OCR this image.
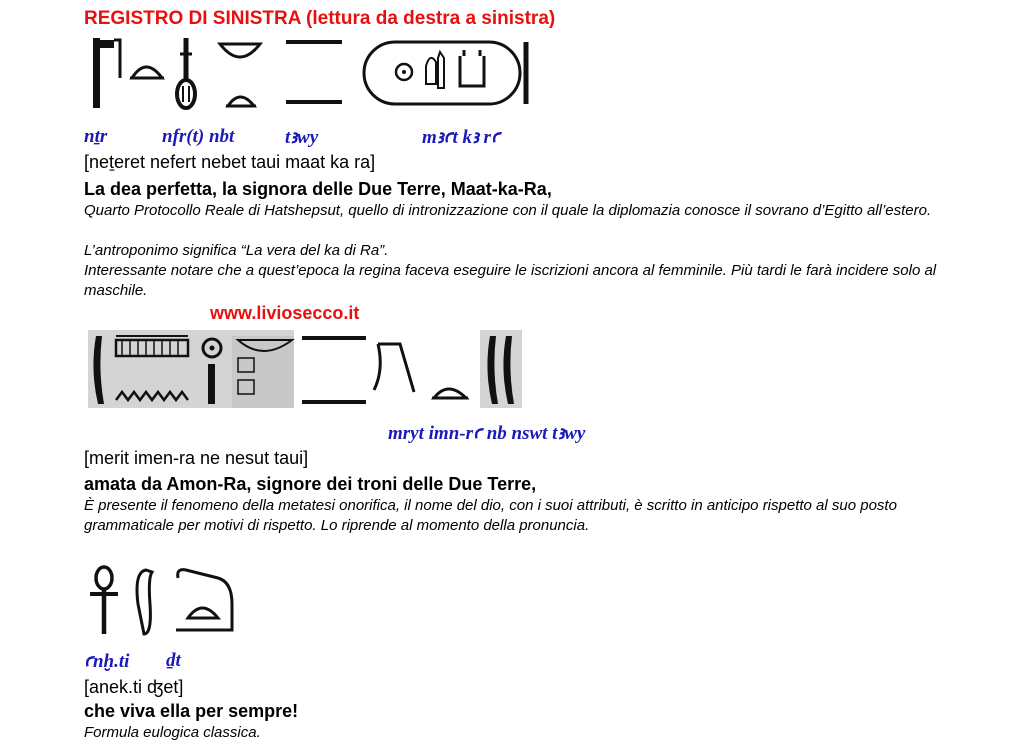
REGISTRO DI SINISTRA (lettura da destra a sinistra)
nṯr	nfr(t) nbt	tꜣwy	mꜣꜥt kꜣ rꜥ
[neṯeret nefert nebet taui maat ka ra]
La dea perfetta, la signora delle Due Terre, Maat-ka-Ra,
Quarto Protocollo Reale di Hatshepsut, quello di intronizzazione con il quale la diplomazia conosce il sovrano d’Egitto all’estero.
L’antroponimo significa “La vera del ka di Ra”.
Interessante notare che a quest’epoca la regina faceva eseguire le iscrizioni ancora al femminile. Più tardi le farà incidere solo al maschile.
www.liviosecco.it
mryt imn-rꜥ nb nswt tꜣwy
[merit imen-ra ne nesut taui]
amata da Amon-Ra, signore dei troni delle Due Terre,
È presente il fenomeno della metatesi onorifica, il nome del dio, con i suoi attributi, è scritto in anticipo rispetto al suo posto grammaticale per motivi di rispetto. Lo riprende al momento della pronuncia.
ꜥnḫ.ti ḏt
[anek.ti ʤet]
che viva ella per sempre!
Formula eulogica classica.
